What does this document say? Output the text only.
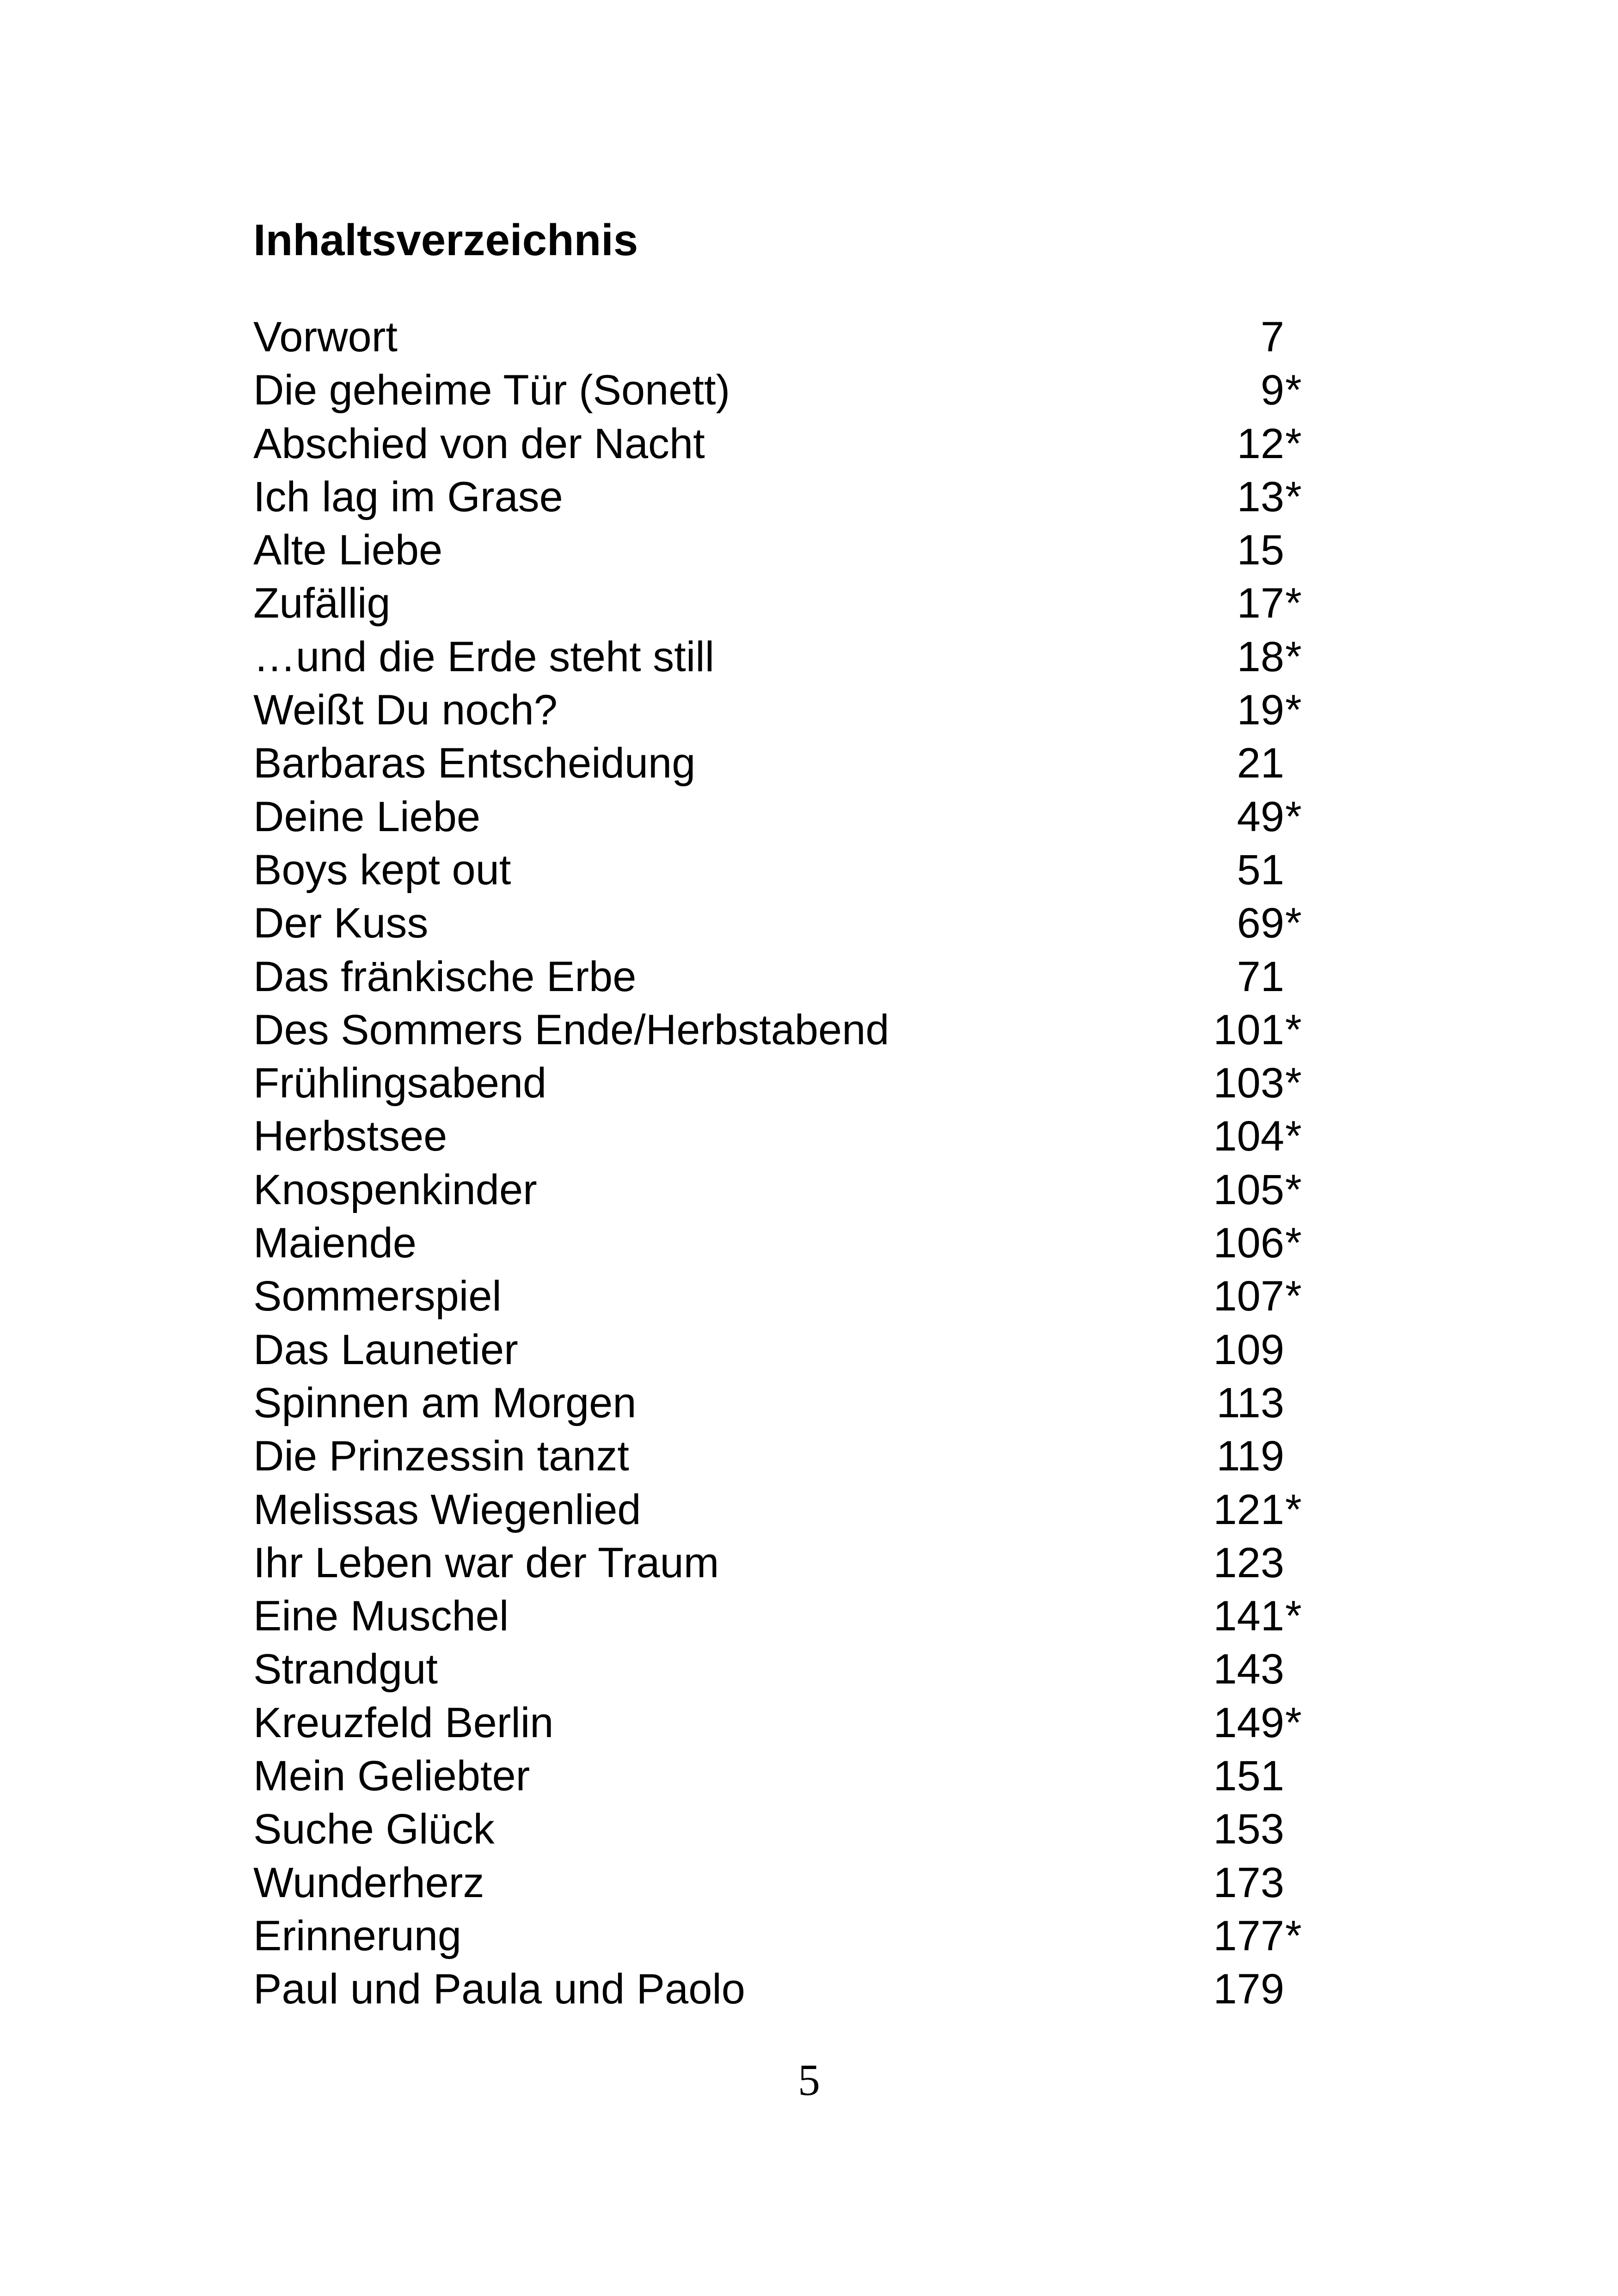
Inhaltsverzeichnis
Vorwort	7
Die geheime Tür (Sonett)	9 *
Abschied von der Nacht	12 *
Ich lag im Grase	13 *
Alte Liebe	15
Zufällig	17 *
…und die Erde steht still	18 *
Weißt Du noch?	19 *
Barbaras Entscheidung	21
Deine Liebe	49 *
Boys kept out	51
Der Kuss	69 *
Das fränkische Erbe	71
Des Sommers Ende/Herbstabend	101 *
Frühlingsabend	103 *
Herbstsee	104 *
Knospenkinder	105 *
Maiende	106 *
Sommerspiel	107 *
Das Launetier	109
Spinnen am Morgen	113
Die Prinzessin tanzt	119
Melissas Wiegenlied	121 *
Ihr Leben war der Traum	123
Eine Muschel	141 *
Strandgut	143
Kreuzfeld Berlin	149 *
Mein Geliebter	151
Suche Glück	153
Wunderherz	173
Erinnerung	177 *
Paul und Paula und Paolo	179
5
